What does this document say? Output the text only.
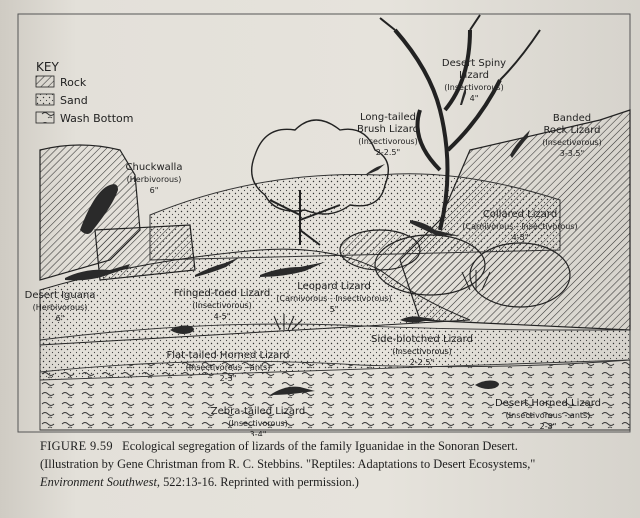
KEY
Rock
Sand
Wash Bottom
Desert Spiny
Lizard
(Insectivorous)
4"
Long-tailed
Brush Lizard
(Insectivorous)
2-2.5"
Banded
Rock Lizard
(Insectivorous)
3-3.5"
Chuckwalla
(Herbivorous)
6"
Collared Lizard
(Carnivorous - Insectivorous)
4-5"
Desert Iguana
(Herbivorous)
6"
Fringed-toed Lizard
(Insectivorous)
4-5"
Leopard Lizard
(Carnivorous - Insectivorous)
5"
Side-blotched Lizard
(Insectivorous)
2-2.5"
Flat-tailed Horned Lizard
(Insectivorous - ants)
2-3"
Zebra-tailed Lizard
(Insectivorous)
3-4"
Desert Horned Lizard
(Insectivorous - ants)
2-3"

FIGURE 9.59 Ecological segregation of lizards of the family Iguanidae in the Sonoran Desert.

(Illustration by Gene Christman from R. C. Stebbins. "Reptiles: Adaptations to Desert Ecosystems,"

Environment Southwest, 522:13-16. Reprinted with permission.)
